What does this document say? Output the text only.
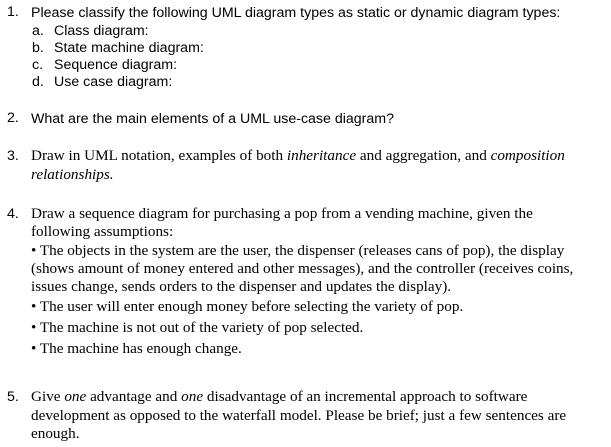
1. Please classify the following UML diagram types as static or dynamic diagram types:
a. Class diagram:
b. State machine diagram:
c. Sequence diagram:
d. Use case diagram:
2. What are the main elements of a UML use-case diagram?
3. Draw in UML notation, examples of both inheritance and aggregation, and composition
relationships.
4. Draw a sequence diagram for purchasing a pop from a vending machine, given the
following assumptions:
• The objects in the system are the user, the dispenser (releases cans of pop), the display
(shows amount of money entered and other messages), and the controller (receives coins,
issues change, sends orders to the dispenser and updates the display).
• The user will enter enough money before selecting the variety of pop.
• The machine is not out of the variety of pop selected.
• The machine has enough change.
5. Give one advantage and one disadvantage of an incremental approach to software
development as opposed to the waterfall model. Please be brief; just a few sentences are
enough.
